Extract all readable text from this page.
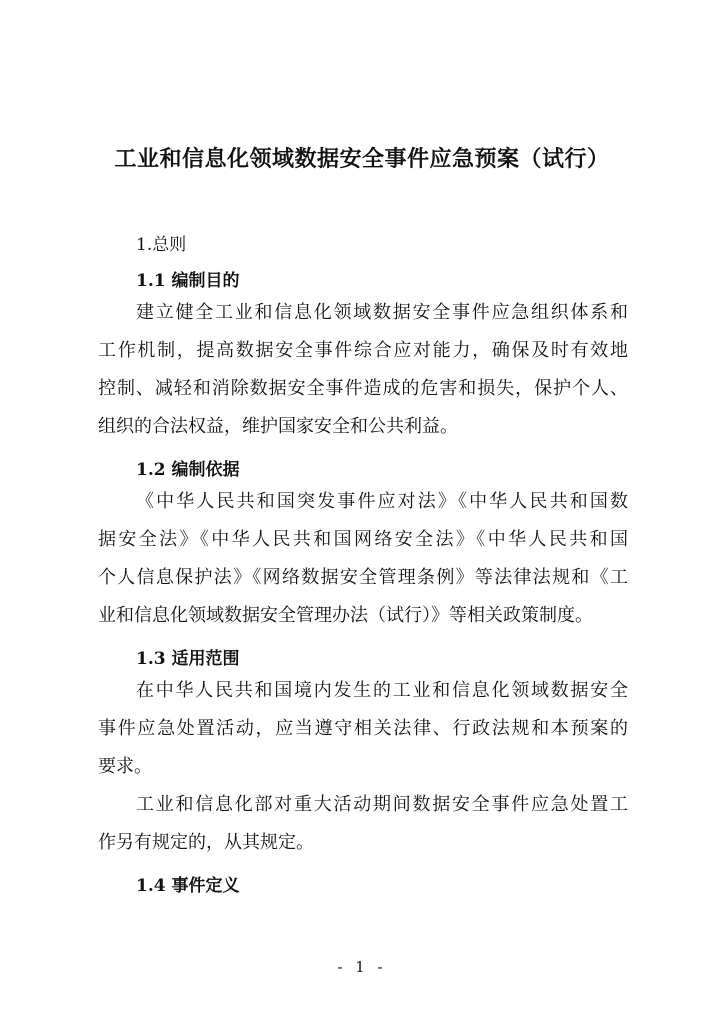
工业和信息化领域数据安全事件应急预案（试行）
1.总则
1.1 编制目的
建立健全工业和信息化领域数据安全事件应急组织体系和
工作机制，提高数据安全事件综合应对能力，确保及时有效地
控制、减轻和消除数据安全事件造成的危害和损失，保护个人、
组织的合法权益，维护国家安全和公共利益。
1.2 编制依据
《中华人民共和国突发事件应对法》《中华人民共和国数
据安全法》《中华人民共和国网络安全法》《中华人民共和国
个人信息保护法》《网络数据安全管理条例》等法律法规和《工
业和信息化领域数据安全管理办法（试行）》等相关政策制度。
1.3 适用范围
在中华人民共和国境内发生的工业和信息化领域数据安全
事件应急处置活动，应当遵守相关法律、行政法规和本预案的
要求。
工业和信息化部对重大活动期间数据安全事件应急处置工
作另有规定的，从其规定。
1.4 事件定义
- 1 -
